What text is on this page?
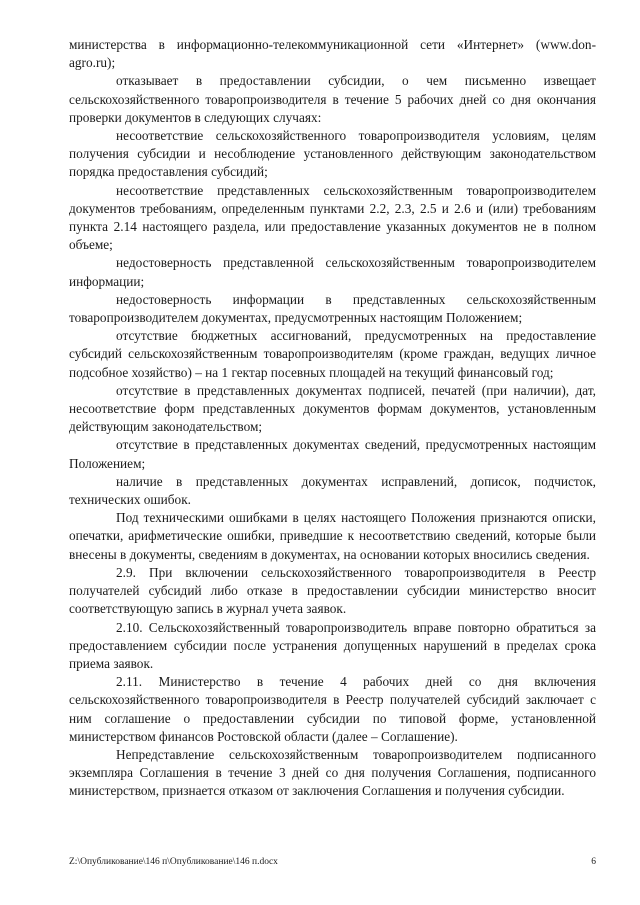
министерства в информационно-телекоммуникационной сети «Интернет» (www.don-agro.ru);

отказывает в предоставлении субсидии, о чем письменно извещает сельскохозяйственного товаропроизводителя в течение 5 рабочих дней со дня окончания проверки документов в следующих случаях:

несоответствие сельскохозяйственного товаропроизводителя условиям, целям получения субсидии и несоблюдение установленного действующим законодательством порядка предоставления субсидий;

несоответствие представленных сельскохозяйственным товаропроизводителем документов требованиям, определенным пунктами 2.2, 2.3, 2.5 и 2.6 и (или) требованиям пункта 2.14 настоящего раздела, или предоставление указанных документов не в полном объеме;

недостоверность представленной сельскохозяйственным товаропроизводителем информации;

недостоверность информации в представленных сельскохозяйственным товаропроизводителем документах, предусмотренных настоящим Положением;

отсутствие бюджетных ассигнований, предусмотренных на предоставление субсидий сельскохозяйственным товаропроизводителям (кроме граждан, ведущих личное подсобное хозяйство) – на 1 гектар посевных площадей на текущий финансовый год;

отсутствие в представленных документах подписей, печатей (при наличии), дат, несоответствие форм представленных документов формам документов, установленным действующим законодательством;

отсутствие в представленных документах сведений, предусмотренных настоящим Положением;

наличие в представленных документах исправлений, дописок, подчисток, технических ошибок.

Под техническими ошибками в целях настоящего Положения признаются описки, опечатки, арифметические ошибки, приведшие к несоответствию сведений, которые были внесены в документы, сведениям в документах, на основании которых вносились сведения.

2.9. При включении сельскохозяйственного товаропроизводителя в Реестр получателей субсидий либо отказе в предоставлении субсидии министерство вносит соответствующую запись в журнал учета заявок.

2.10. Сельскохозяйственный товаропроизводитель вправе повторно обратиться за предоставлением субсидии после устранения допущенных нарушений в пределах срока приема заявок.

2.11. Министерство в течение 4 рабочих дней со дня включения сельскохозяйственного товаропроизводителя в Реестр получателей субсидий заключает с ним соглашение о предоставлении субсидии по типовой форме, установленной министерством финансов Ростовской области (далее – Соглашение).

Непредставление сельскохозяйственным товаропроизводителем подписанного экземпляра Соглашения в течение 3 дней со дня получения Соглашения, подписанного министерством, признается отказом от заключения Соглашения и получения субсидии.

Z:\Опубликование\146 п\Опубликование\146 п.docx	6
